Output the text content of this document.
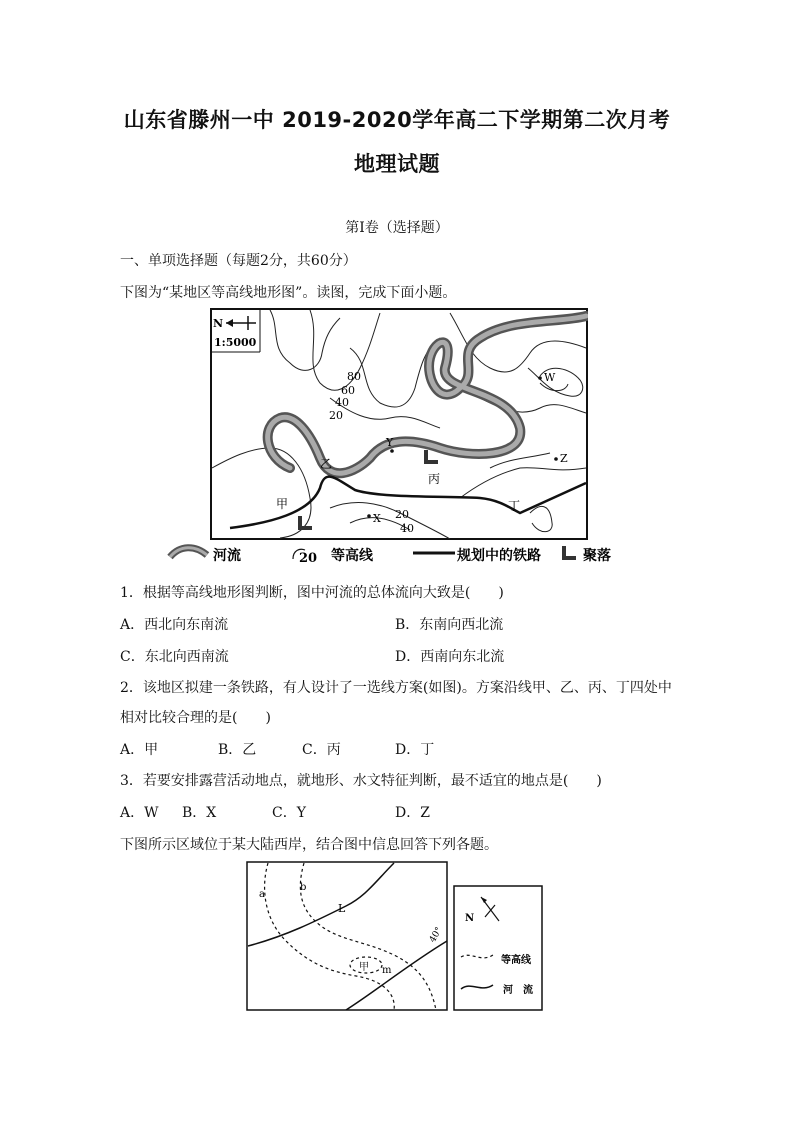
山东省滕州一中 2019-2020学年高二下学期第二次月考
地理试题
第Ⅰ卷（选择题）
一、单项选择题（每题2分，共60分）
下图为“某地区等高线地形图”。读图，完成下面小题。
N
1:5000
80
60
40
20
20
40
W
Y
Z
X
乙
甲
丙
丁
河流	20 等高线	规划中的铁路	聚落
1．根据等高线地形图判断，图中河流的总体流向大致是(　　)
A．西北向东南流	B．东南向西北流
C．东北向西南流	D．西南向东北流
2．该地区拟建一条铁路，有人设计了一选线方案(如图)。方案沿线甲、乙、丙、丁四处中
相对比较合理的是(　　)
A．甲	B．乙	C．丙	D．丁
3．若要安排露营活动地点，就地形、水文特征判断，最不适宜的地点是(　　)
A．W B．X	C．Y	D．Z
下图所示区域位于某大陆西岸，结合图中信息回答下列各题。
a
b
L
甲 m
40°
N
等高线
河　流
